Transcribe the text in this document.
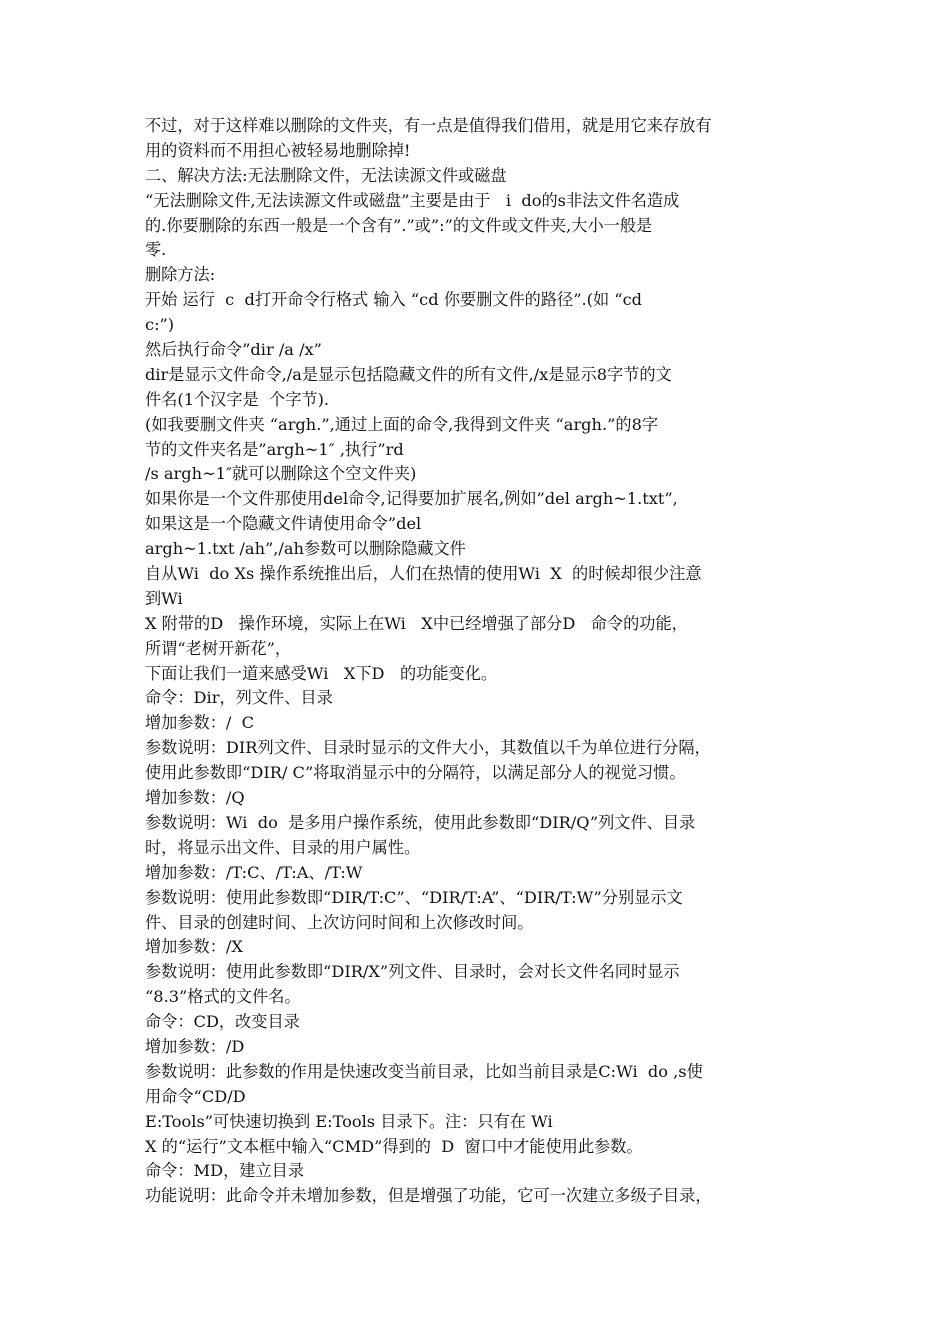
不过，对于这样难以删除的文件夹，有一点是值得我们借用，就是用它来存放有
用的资料而不用担心被轻易地删除掉!
二、解决方法:无法删除文件，无法读源文件或磁盘
“无法删除文件,无法读源文件或磁盘”主要是由于   i  do的s非法文件名造成
的.你要删除的东西一般是一个含有”.”或”:”的文件或文件夹,大小一般是
零.
删除方法:
开始 运行  c  d打开命令行格式 输入 “cd 你要删文件的路径”.(如 “cd
c:”)
然后执行命令”dir /a /x”
dir是显示文件命令,/a是显示包括隐藏文件的所有文件,/x是显示8字节的文
件名(1个汉字是  个字节).
(如我要删文件夹 “argh.”,通过上面的命令,我得到文件夹 “argh.”的8字
节的文件夹名是”argh~1″ ,执行”rd
/s argh~1″就可以删除这个空文件夹)
如果你是一个文件那使用del命令,记得要加扩展名,例如”del argh~1.txt”,
如果这是一个隐藏文件请使用命令”del
argh~1.txt /ah”,/ah参数可以删除隐藏文件
自从Wi  do Xs 操作系统推出后，人们在热情的使用Wi  X  的时候却很少注意
到Wi
X 附带的D   操作环境，实际上在Wi   X中已经增强了部分D   命令的功能，
所谓“老树开新花”，
下面让我们一道来感受Wi   X下D   的功能变化。
命令：Dir，列文件、目录
增加参数：/  C
参数说明：DIR列文件、目录时显示的文件大小，其数值以千为单位进行分隔，
使用此参数即“DIR/ C”将取消显示中的分隔符，以满足部分人的视觉习惯。
增加参数：/Q
参数说明：Wi  do  是多用户操作系统，使用此参数即“DIR/Q”列文件、目录
时，将显示出文件、目录的用户属性。
增加参数：/T:C、/T:A、/T:W
参数说明：使用此参数即“DIR/T:C”、“DIR/T:A”、“DIR/T:W”分别显示文
件、目录的创建时间、上次访问时间和上次修改时间。
增加参数：/X
参数说明：使用此参数即“DIR/X”列文件、目录时，会对长文件名同时显示
“8.3”格式的文件名。
命令：CD，改变目录
增加参数：/D
参数说明：此参数的作用是快速改变当前目录，比如当前目录是C:Wi  do ,s使
用命令“CD/D
E:Tools”可快速切换到 E:Tools 目录下。注：只有在 Wi
X 的“运行”文本框中输入“CMD”得到的  D  窗口中才能使用此参数。
命令：MD，建立目录
功能说明：此命令并未增加参数，但是增强了功能，它可一次建立多级子目录，
